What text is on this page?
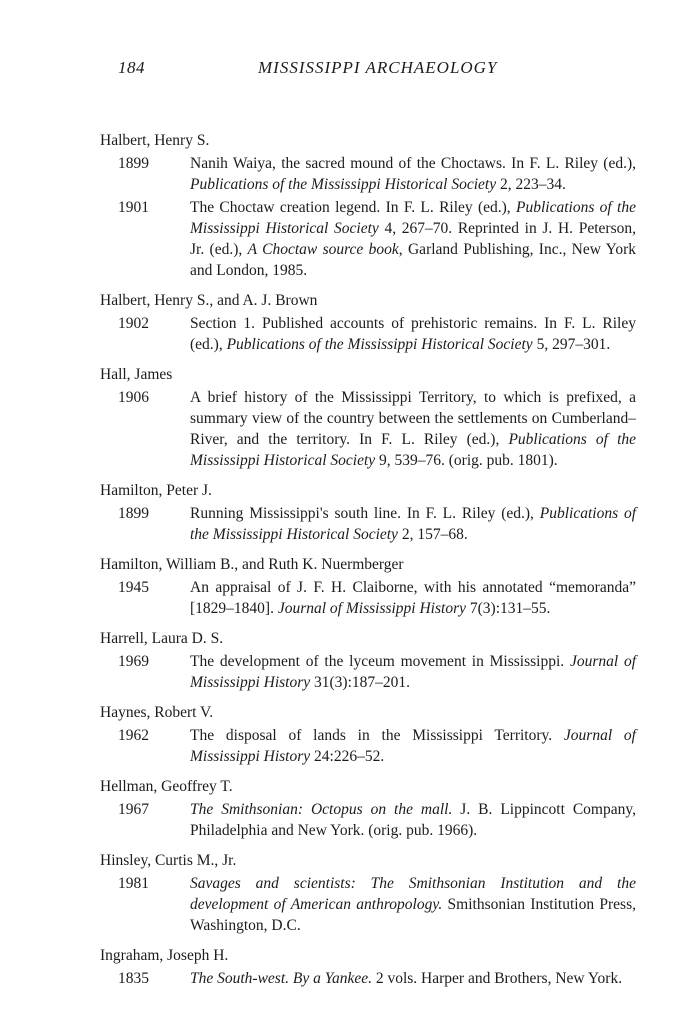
184	MISSISSIPPI ARCHAEOLOGY
Halbert, Henry S.
1899	Nanih Waiya, the sacred mound of the Choctaws. In F. L. Riley (ed.), Publications of the Mississippi Historical Society 2, 223–34.
1901	The Choctaw creation legend. In F. L. Riley (ed.), Publications of the Mississippi Historical Society 4, 267–70. Reprinted in J. H. Peterson, Jr. (ed.), A Choctaw source book, Garland Publishing, Inc., New York and London, 1985.
Halbert, Henry S., and A. J. Brown
1902	Section 1. Published accounts of prehistoric remains. In F. L. Riley (ed.), Publications of the Mississippi Historical Society 5, 297–301.
Hall, James
1906	A brief history of the Mississippi Territory, to which is prefixed, a summary view of the country between the settlements on Cumberland–River, and the territory. In F. L. Riley (ed.), Publications of the Mississippi Historical Society 9, 539–76. (orig. pub. 1801).
Hamilton, Peter J.
1899	Running Mississippi's south line. In F. L. Riley (ed.), Publications of the Mississippi Historical Society 2, 157–68.
Hamilton, William B., and Ruth K. Nuermberger
1945	An appraisal of J. F. H. Claiborne, with his annotated “memoranda” [1829–1840]. Journal of Mississippi History 7(3):131–55.
Harrell, Laura D. S.
1969	The development of the lyceum movement in Mississippi. Journal of Mississippi History 31(3):187–201.
Haynes, Robert V.
1962	The disposal of lands in the Mississippi Territory. Journal of Mississippi History 24:226–52.
Hellman, Geoffrey T.
1967	The Smithsonian: Octopus on the mall. J. B. Lippincott Company, Philadelphia and New York. (orig. pub. 1966).
Hinsley, Curtis M., Jr.
1981	Savages and scientists: The Smithsonian Institution and the development of American anthropology. Smithsonian Institution Press, Washington, D.C.
Ingraham, Joseph H.
1835	The South-west. By a Yankee. 2 vols. Harper and Brothers, New York.
